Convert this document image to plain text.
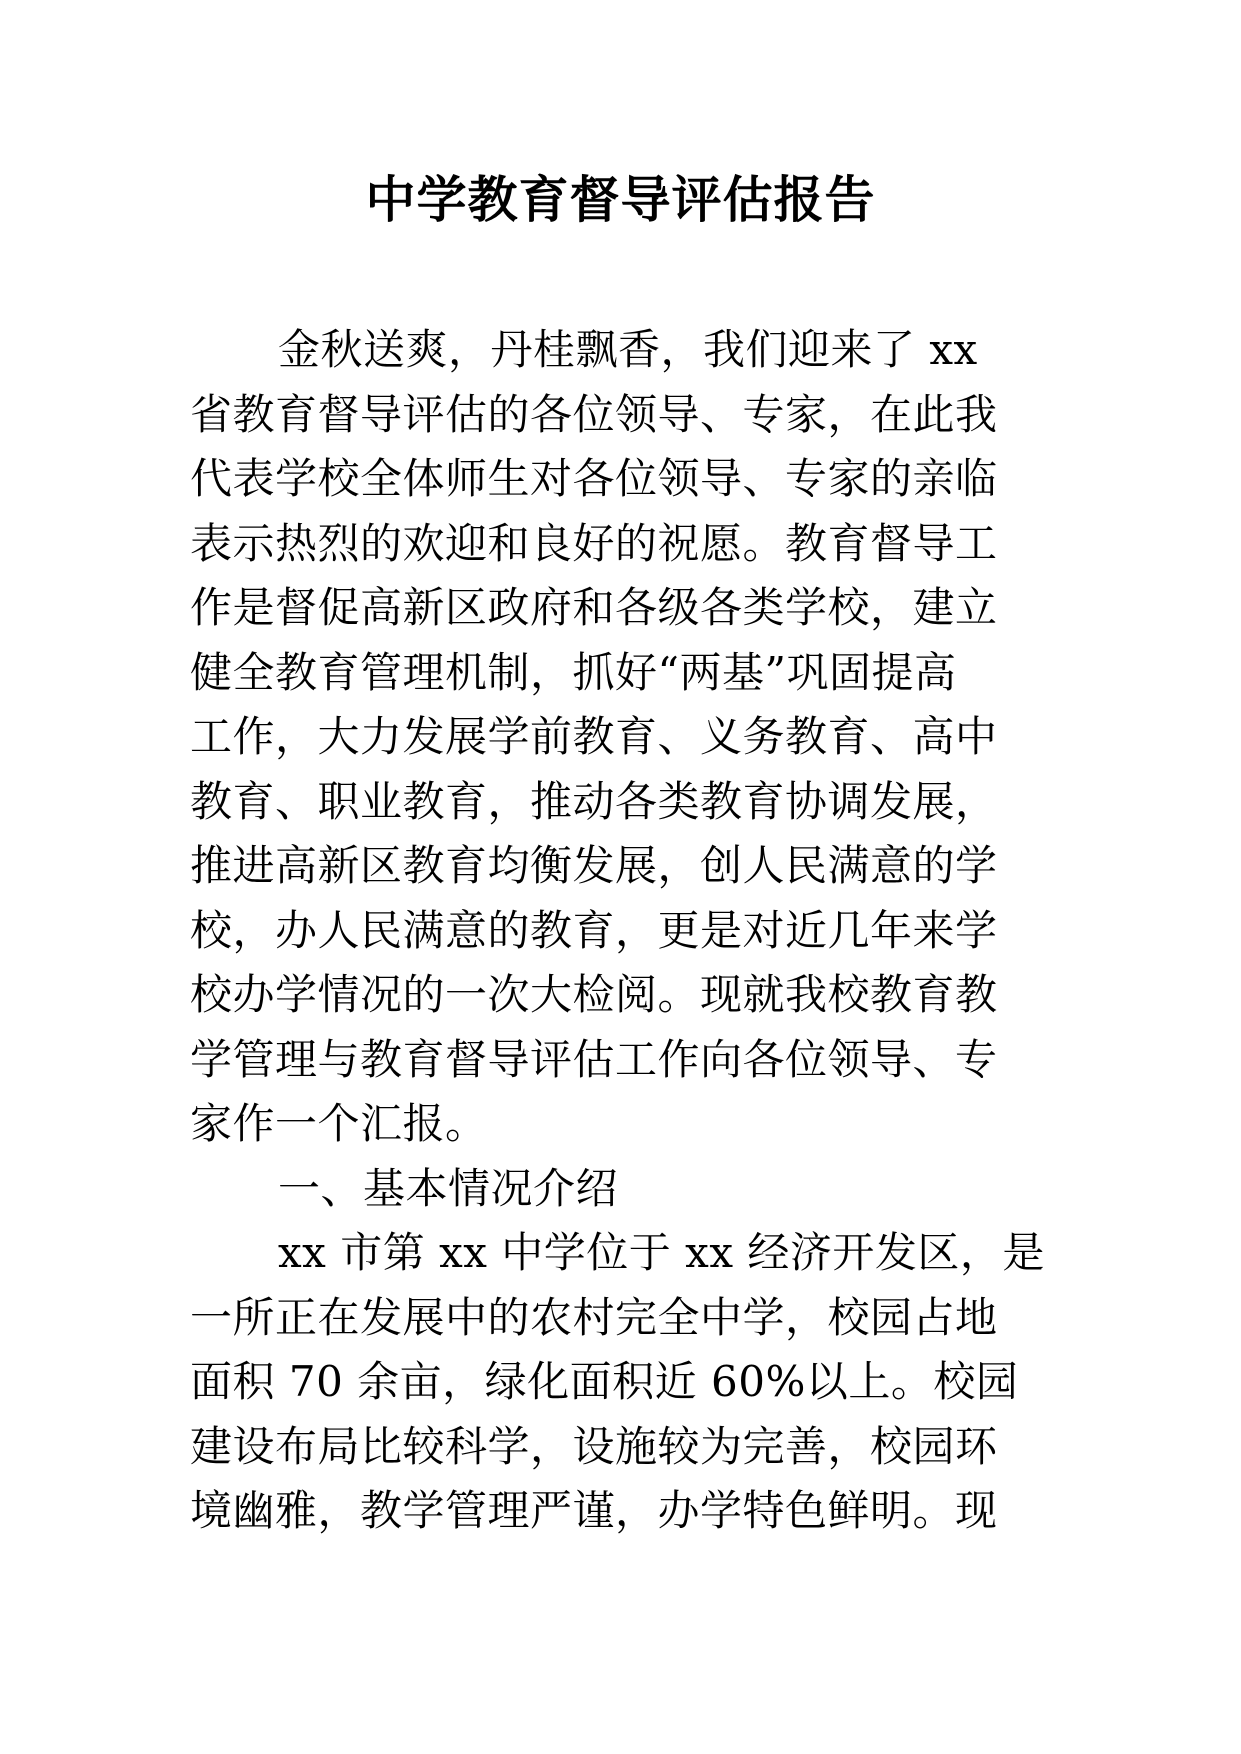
中学教育督导评估报告
金秋送爽，丹桂飘香，我们迎来了 xx
省教育督导评估的各位领导、专家，在此我
代表学校全体师生对各位领导、专家的亲临
表示热烈的欢迎和良好的祝愿。教育督导工
作是督促高新区政府和各级各类学校，建立
健全教育管理机制，抓好“两基”巩固提高
工作，大力发展学前教育、义务教育、高中
教育、职业教育，推动各类教育协调发展，
推进高新区教育均衡发展，创人民满意的学
校，办人民满意的教育，更是对近几年来学
校办学情况的一次大检阅。现就我校教育教
学管理与教育督导评估工作向各位领导、专
家作一个汇报。
一、基本情况介绍
xx 市第 xx 中学位于 xx 经济开发区，是
一所正在发展中的农村完全中学，校园占地
面积 70 余亩，绿化面积近 60%以上。校园
建设布局比较科学，设施较为完善，校园环
境幽雅，教学管理严谨，办学特色鲜明。现
